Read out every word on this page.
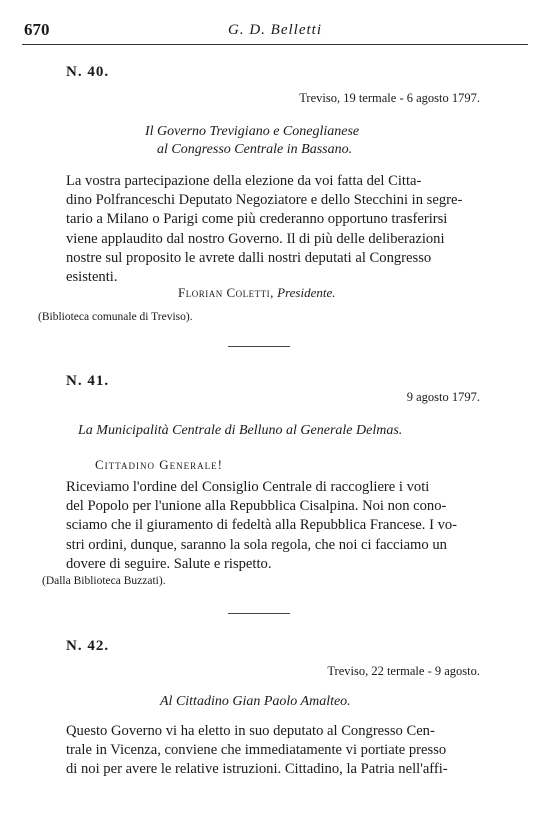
670	G. D. Belletti
N. 40.
Treviso, 19 termale - 6 agosto 1797.
Il Governo Trevigiano e Coneglianese
al Congresso Centrale in Bassano.
La vostra partecipazione della elezione da voi fatta del Citta-
dino Polfranceschi Deputato Negoziatore e dello Stecchini in segre-
tario a Milano o Parigi come più crederanno opportuno trasferirsi
viene applaudito dal nostro Governo. Il di più delle deliberazioni
nostre sul proposito le avrete dalli nostri deputati al Congresso
esistenti.
Florian Coletti, Presidente.
(Biblioteca comunale di Treviso).
N. 41.
9 agosto 1797.
La Municipalità Centrale di Belluno al Generale Delmas.
Cittadino Generale!
Riceviamo l'ordine del Consiglio Centrale di raccogliere i voti
del Popolo per l'unione alla Repubblica Cisalpina. Noi non cono-
sciamo che il giuramento di fedeltà alla Repubblica Francese. I vo-
stri ordini, dunque, saranno la sola regola, che noi ci facciamo un
dovere di seguire. Salute e rispetto.
(Dalla Biblioteca Buzzati).
N. 42.
Treviso, 22 termale - 9 agosto.
Al Cittadino Gian Paolo Amalteo.
Questo Governo vi ha eletto in suo deputato al Congresso Cen-
trale in Vicenza, conviene che immediatamente vi portiate presso
di noi per avere le relative istruzioni. Cittadino, la Patria nell'affi-
